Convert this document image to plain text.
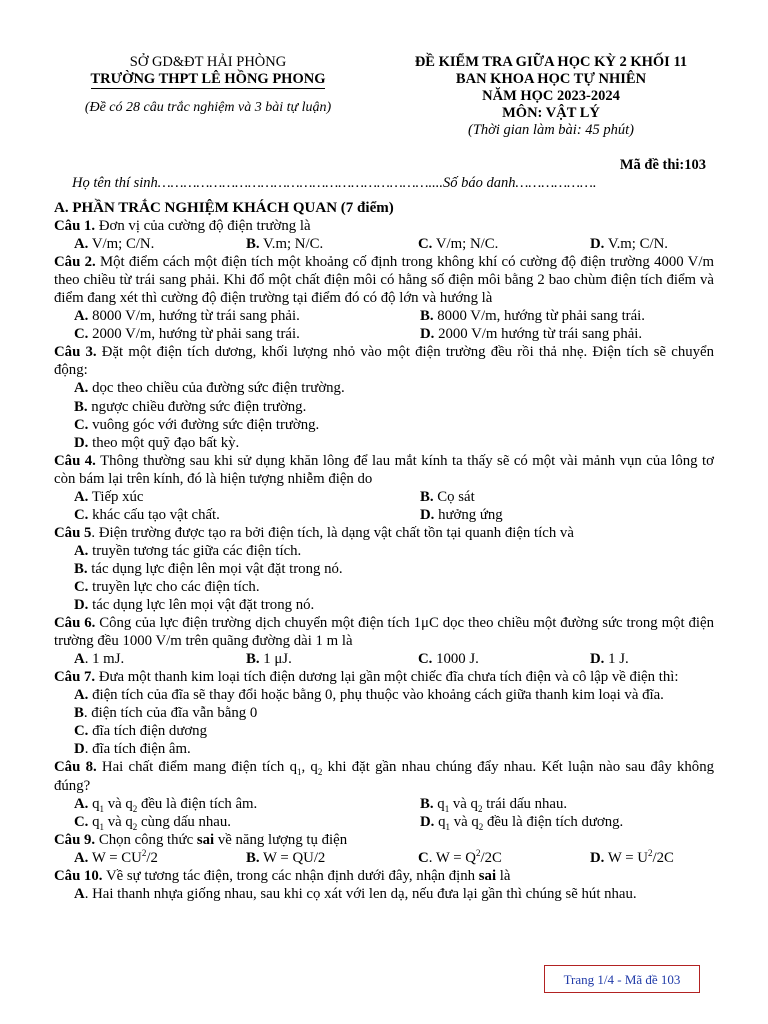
SỞ GD&ĐT HẢI PHÒNG
TRƯỜNG THPT LÊ HỒNG PHONG
(Đề có 28 câu trắc nghiệm và 3 bài tự luận)
ĐỀ KIỂM TRA GIỮA HỌC KỲ 2 KHỐI 11
BAN KHOA HỌC TỰ NHIÊN
NĂM HỌC 2023-2024
MÔN: VẬT LÝ
(Thời gian làm bài: 45 phút)
Mã đề thi:103
Họ tên thí sinh………………………………………………………....Số báo danh……………….

A. PHẦN TRẮC NGHIỆM KHÁCH QUAN (7 điểm)

Câu 1. Đơn vị của cường độ điện trường là

A. V/m; C/N.	B. V.m; N/C.	C. V/m; N/C.	D. V.m; C/N.

Câu 2. Một điểm cách một điện tích một khoảng cố định trong không khí có cường độ điện trường 4000 V/m theo chiều từ trái sang phải. Khi đổ một chất điện môi có hằng số điện môi bằng 2 bao chùm điện tích điểm và điểm đang xét thì cường độ điện trường tại điểm đó có độ lớn và hướng là

A. 8000 V/m, hướng từ trái sang phải.	B. 8000 V/m, hướng từ phải sang trái.
C. 2000 V/m, hướng từ phải sang trái.	D. 2000 V/m hướng từ trái sang phải.

Câu 3. Đặt một điện tích dương, khối lượng nhỏ vào một điện trường đều rồi thả nhẹ. Điện tích sẽ chuyển động:

A. dọc theo chiều của đường sức điện trường.

B. ngược chiều đường sức điện trường.

C. vuông góc với đường sức điện trường.

D. theo một quỹ đạo bất kỳ.

Câu 4. Thông thường sau khi sử dụng khăn lông để lau mắt kính ta thấy sẽ có một vài mảnh vụn của lông tơ còn bám lại trên kính, đó là hiện tượng nhiễm điện do

A. Tiếp xúc	B. Cọ sát
C. khác cấu tạo vật chất.	D. hưởng ứng

Câu 5. Điện trường được tạo ra bởi điện tích, là dạng vật chất tồn tại quanh điện tích và

A. truyền tương tác giữa các điện tích.

B. tác dụng lực điện lên mọi vật đặt trong nó.

C. truyền lực cho các điện tích.

D. tác dụng lực lên mọi vật đặt trong nó.

Câu 6. Công của lực điện trường dịch chuyển một điện tích 1μC dọc theo chiều một đường sức trong một điện trường đều 1000 V/m trên quãng đường dài 1 m là

A. 1 mJ.	B. 1 μJ.	C. 1000 J.	D. 1 J.

Câu 7. Đưa một thanh kim loại tích điện dương lại gần một chiếc đĩa chưa tích điện và cô lập về điện thì:

A. điện tích của đĩa sẽ thay đổi hoặc bằng 0, phụ thuộc vào khoảng cách giữa thanh kim loại và đĩa.

B. điện tích của đĩa vẫn bằng 0

C. đĩa tích điện dương

D. đĩa tích điện âm.

Câu 8. Hai chất điểm mang điện tích $q_1$, $q_2$ khi đặt gần nhau chúng đẩy nhau. Kết luận nào sau đây không đúng?

A. $q_1$ và $q_2$ đều là điện tích âm.	B. $q_1$ và $q_2$ trái dấu nhau.
C. $q_1$ và $q_2$ cùng dấu nhau.	D. $q_1$ và $q_2$ đều là điện tích dương.

Câu 9. Chọn công thức sai về năng lượng tụ điện

A. $W = CU^2/2$	B. W = QU/2	C. $W = Q^2/2C$	D. $W = U^2/2C$

Câu 10. Về sự tương tác điện, trong các nhận định dưới đây, nhận định sai là

A. Hai thanh nhựa giống nhau, sau khi cọ xát với len dạ, nếu đưa lại gần thì chúng sẽ hút nhau.

Trang 1/4 - Mã đề 103
